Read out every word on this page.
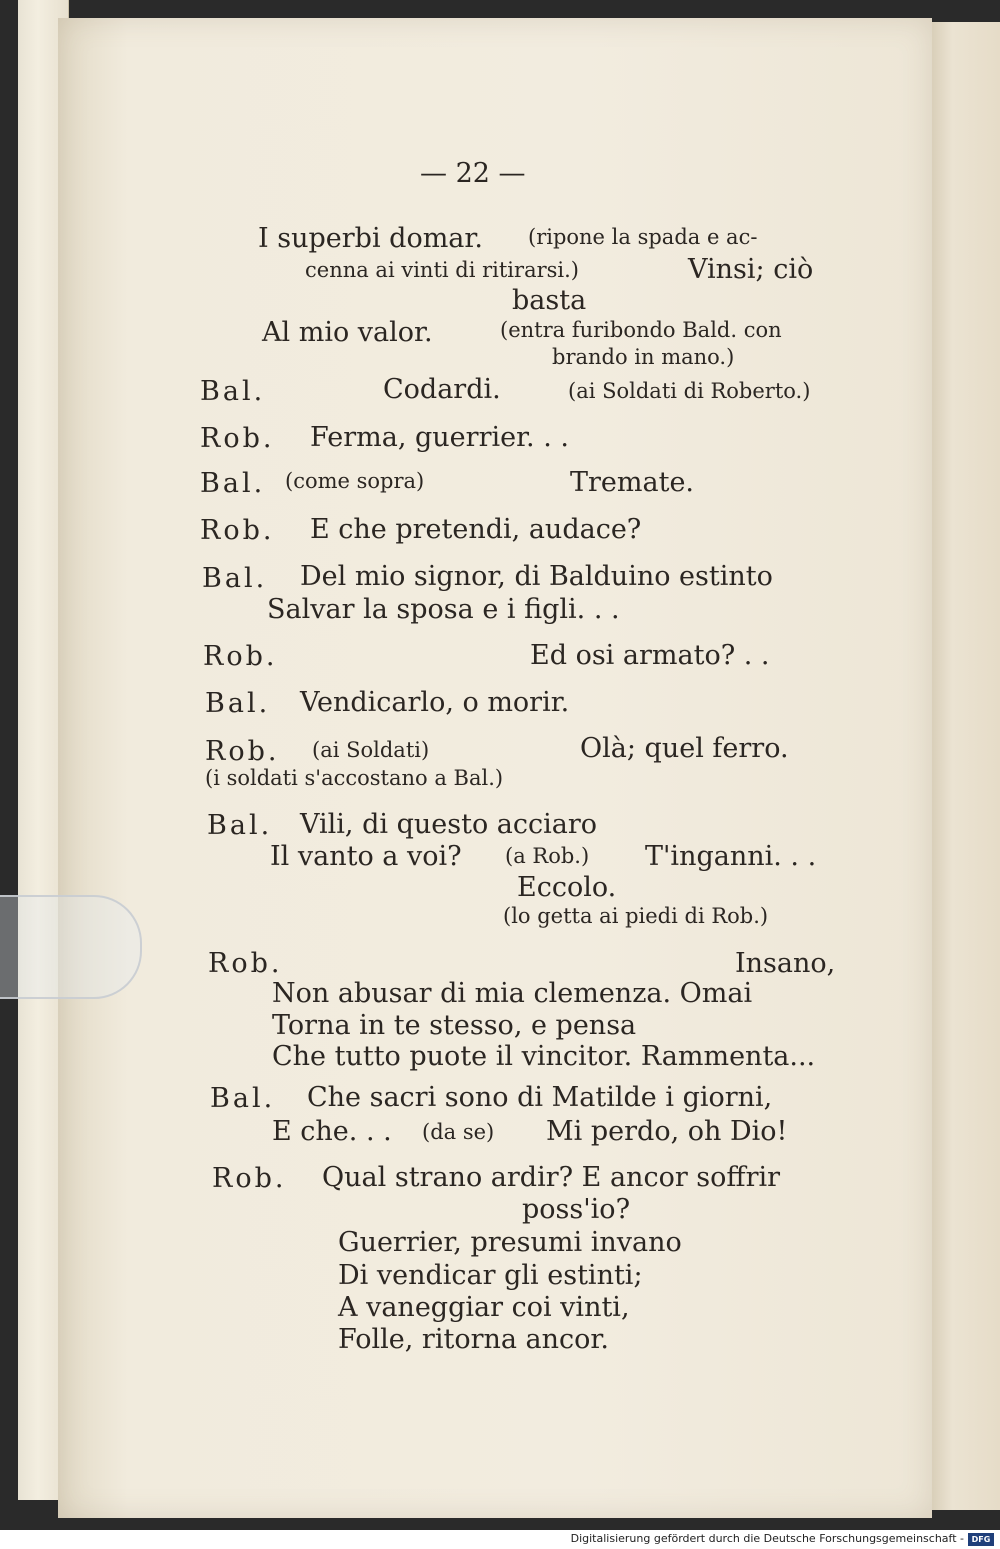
— 22 —
I superbi domar. (ripone la spada e ac-
cenna ai vinti di ritirarsi.)	Vinsi; ciò
basta
Al mio valor.	(entra furibondo Bald. con
brando in mano.)
Bal.	Codardi.	(ai Soldati di Roberto.)
Rob. Ferma, guerrier. . .
Bal. (come sopra)	Tremate.
Rob. E che pretendi, audace?
Bal. Del mio signor, di Balduino estinto
Salvar la sposa e i figli. . .
Rob.	Ed osi armato? . .
Bal. Vendicarlo, o morir.
Rob. (ai Soldati)	Olà; quel ferro.
(i soldati s'accostano a Bal.)
Bal. Vili, di questo acciaro
Il vanto a voi? (a Rob.) T'inganni. . .
Eccolo.
(lo getta ai piedi di Rob.)
Rob.	Insano,
Non abusar di mia clemenza. Omai
Torna in te stesso, e pensa
Che tutto puote il vincitor. Rammenta...
Bal. Che sacri sono di Matilde i giorni,
E che. . . (da se) Mi perdo, oh Dio!
Rob. Qual strano ardir? E ancor soffrir
poss'io?
Guerrier, presumi invano
Di vendicar gli estinti;
A vaneggiar coi vinti,
Folle, ritorna ancor.
Digitalisierung gefördert durch die Deutsche Forschungsgemeinschaft - DFG
